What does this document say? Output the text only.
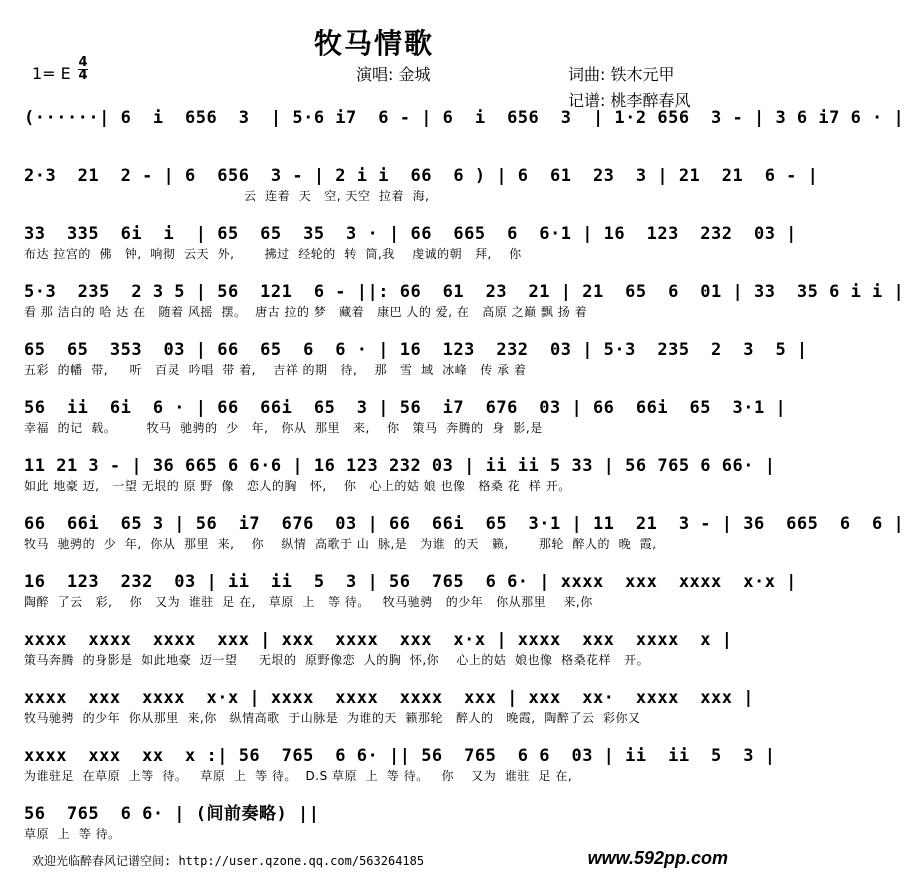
牧马情歌
1= E
4
4	演唱: 金城	词曲: 铁木元甲
记谱: 桃李醉春风
(······| 6  i  656  3  | 5·6 i7  6 - | 6  i  656  3  | 1·2 656  3 - | 3 6 i7 6 · |
2·3  21  2 - | 6  656  3 - | 2 i i  66  6 ) | 6  61  23  3 | 21  21  6 - |
云  连着  天   空, 天空  拉着  海,
33  335  6i  i  | 65  65  35  3 · | 66  665  6  6·1 | 16  123  232  03 |
布达 拉宫的  佛   钟,  响彻  云天  外,       拂过  经轮的  转  筒,我    虔诚的朝   拜,    你
5·3  235  2 3 5 | 56  121  6 - ||: 66  61  23  21 | 21  65  6  01 | 33  35 6 i i |
看 那 洁白的 哈 达 在   随着 风摇  摆。  唐古 拉的 梦   藏着   康巴 人的 爱, 在   高原 之巅 飘 扬 着
65  65  353  03 | 66  65  6  6 · | 16  123  232  03 | 5·3  235  2  3  5 |
五彩  的幡  带,     听   百灵  吟唱  带 着,    吉祥 的期   待,    那   雪  域  冰峰   传 承 着
56  ii  6i  6 · | 66  66i  65  3 | 56  i7  676  03 | 66  66i  65  3·1 |
幸福  的记  载。       牧马  驰骋的  少   年,   你从  那里   来,    你   策马  奔腾的  身  影,是
11 21 3 - | 36 665 6 6·6 | 16 123 232 03 | ii ii 5 33 | 56 765 6 66· |
如此 地豪 迈,   一望 无垠的 原 野  像   恋人的胸   怀,    你   心上的姑 娘 也像   格桑 花  样 开。
66  66i  65 3 | 56  i7  676  03 | 66  66i  65  3·1 | 11  21  3 - | 36  665  6  6 |
牧马  驰骋的  少  年,  你从  那里  来,    你    纵情  高歌于 山  脉,是   为谁  的天   籁,       那轮  醉人的  晚  霞,
16  123  232  03 | ii  ii  5  3 | 56  765  6 6· | xxxx  xxx  xxxx  x·x |
陶醉  了云   彩,    你   又为  谁驻  足 在,   草原  上   等 待。   牧马驰骋   的少年   你从那里    来,你
xxxx  xxxx  xxxx  xxx | xxx  xxxx  xxx  x·x | xxxx  xxx  xxxx  x |
策马奔腾  的身影是  如此地豪  迈一望     无垠的  原野像恋  人的胸  怀,你    心上的姑  娘也像  格桑花样   开。
xxxx  xxx  xxxx  x·x | xxxx  xxxx  xxxx  xxx | xxx  xx·  xxxx  xxx |
牧马驰骋  的少年  你从那里  来,你   纵情高歌  于山脉是  为谁的天  籁那轮   醉人的   晚霞,  陶醉了云  彩你又
xxxx  xxx  xx  x :| 56  765  6 6· || 56  765  6 6  03 | ii  ii  5  3 |
为谁驻足  在草原  上等  待。   草原  上  等 待。  D.S 草原  上  等 待。   你    又为  谁驻  足 在,
56  765  6 6· | (间前奏略) ||
草原  上  等 待。
欢迎光临醉春风记谱空间: http://user.qzone.qq.com/563264185	www.592pp.com
